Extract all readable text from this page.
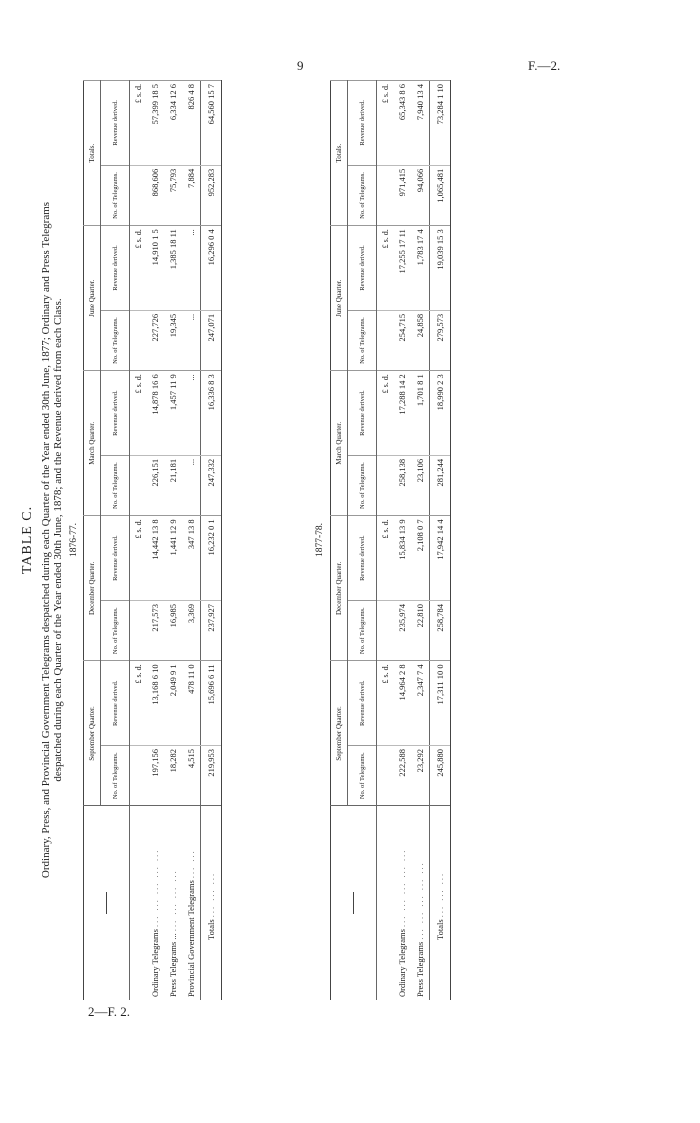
9	F.—2.
2—F. 2.
TABLE C. Ordinary, Press, and Provincial Government Telegrams despatched during each Quarter of the Year ended 30th June, 1877; Ordinary and Press Telegrams despatched during each Quarter of the Year ended 30th June, 1878; and the Revenue derived from each Class. 1876-77.
	September Quarter.		December Quarter.		March Quarter.		June Quarter.		Totals.	
	No. of Telegrams.	Revenue derived.	No. of Telegrams.	Revenue derived.	No. of Telegrams.	Revenue derived.	No. of Telegrams.	Revenue derived.	No. of Telegrams.	Revenue derived.
		£ s. d.		£ s. d.		£ s. d.		£ s. d.		£ s. d.
Ordinary Telegrams ... ... ... ... ...	197,156	13,168 6 10	217,573	14,442 13 8	226,151	14,878 16 6	227,726	14,910 1 5	868,606	57,399 18 5
Press Telegrams ... ... ... ... ...	18,282	2,049 9 1	16,985	1,441 12 9	21,181	1,457 11 9	19,345	1,385 18 11	75,793	6,334 12 6
Provincial Government Telegrams ... ...	4,515	478 11 0	3,369	347 13 8	...	...	...	...	7,884	826 4 8
Totals ... ... ...	219,953	15,696 6 11	237,927	16,232 0 1	247,332	16,336 8 3	247,071	16,296 0 4	952,283	64,560 15 7
1877-78.
	September Quarter.		December Quarter.		March Quarter.		June Quarter.		Totals.	
	No. of Telegrams.	Revenue derived.	No. of Telegrams.	Revenue derived.	No. of Telegrams.	Revenue derived.	No. of Telegrams.	Revenue derived.	No. of Telegrams.	Revenue derived.
		£ s. d.		£ s. d.		£ s. d.		£ s. d.		£ s. d.
Ordinary Telegrams ... ... ... ... ...	222,588	14,964 2 8	235,974	15,834 13 9	258,138	17,288 14 2	254,715	17,255 17 11	971,415	65,343 8 6
Press Telegrams ... ... ... ... ...	23,292	2,347 7 4	22,810	2,108 0 7	23,106	1,701 8 1	24,858	1,783 17 4	94,066	7,940 13 4
Totals ... ... ...	245,880	17,311 10 0	258,784	17,942 14 4	281,244	18,990 2 3	279,573	19,039 15 3	1,065,481	73,284 1 10
